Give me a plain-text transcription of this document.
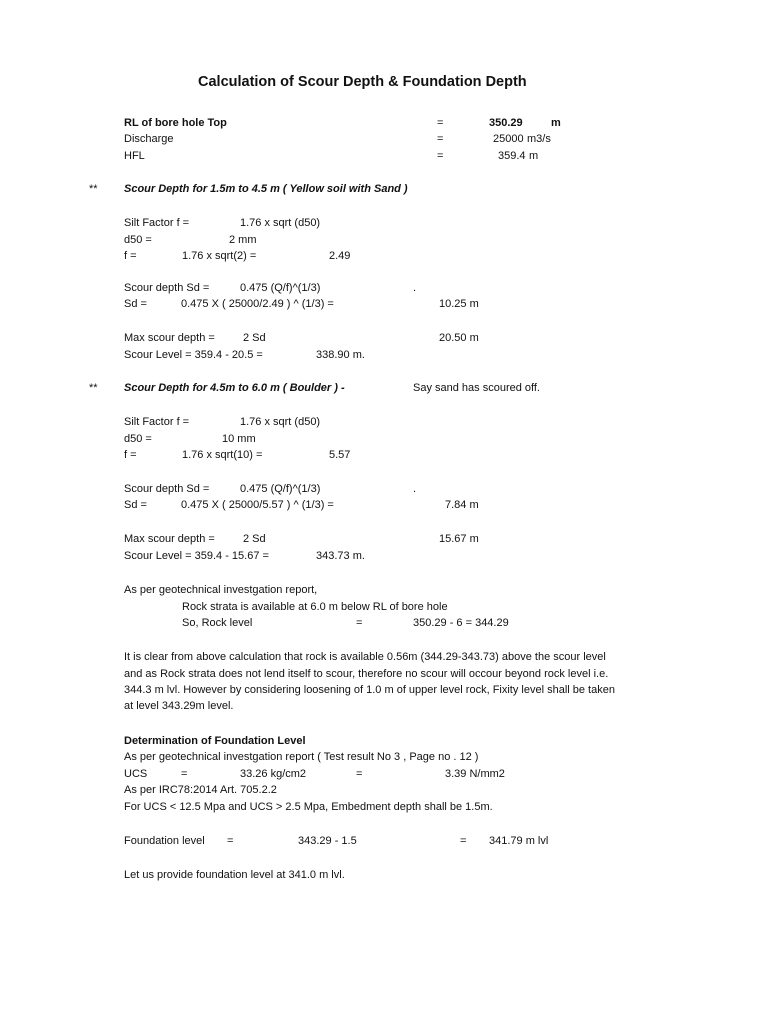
Calculation of Scour Depth & Foundation Depth
RL of bore hole Top	=	350.29	m
Discharge	=	25000 m3/s
HFL	=	359.4 m
** Scour Depth for 1.5m to 4.5 m ( Yellow soil with Sand )
Silt Factor f =	1.76 x sqrt (d50)
d50 =	2 mm
f =	1.76 x sqrt(2) =	2.49
Scour depth Sd =	0.475 (Q/f)^(1/3)	.
Sd =	0.475 X ( 25000/2.49 ) ^ (1/3) =	10.25 m
Max scour depth =	2 Sd	20.50 m
Scour Level = 359.4 - 20.5 =	338.90 m.
** Scour Depth for 4.5m to 6.0 m ( Boulder ) -	Say sand has scoured off.
Silt Factor f =	1.76 x sqrt (d50)
d50 =	10 mm
f =	1.76 x sqrt(10) =	5.57
Scour depth Sd =	0.475 (Q/f)^(1/3)	.
Sd =	0.475 X ( 25000/5.57 ) ^ (1/3) =	7.84 m
Max scour depth =	2 Sd	15.67 m
Scour Level = 359.4 - 15.67 =	343.73 m.
As per geotechnical investgation report,
Rock strata is available at 6.0 m below RL of bore hole
So, Rock level	=	350.29 - 6 = 344.29
It is clear from above calculation that rock is available 0.56m (344.29-343.73) above the scour level
and as Rock strata does not lend itself to scour, therefore no scour will occour beyond rock level i.e.
344.3 m lvl. However by considering loosening of 1.0 m of upper level rock, Fixity level shall be taken
at level 343.29m level.
Determination of Foundation Level
As per geotechnical investgation report ( Test result No 3 , Page no . 12 )
UCS	=	33.26 kg/cm2	=	3.39 N/mm2
As per IRC78:2014 Art. 705.2.2
For UCS < 12.5 Mpa and UCS > 2.5 Mpa, Embedment depth shall be 1.5m.
Foundation level =	343.29 - 1.5	= 341.79 m lvl
Let us provide foundation level at 341.0 m lvl.
